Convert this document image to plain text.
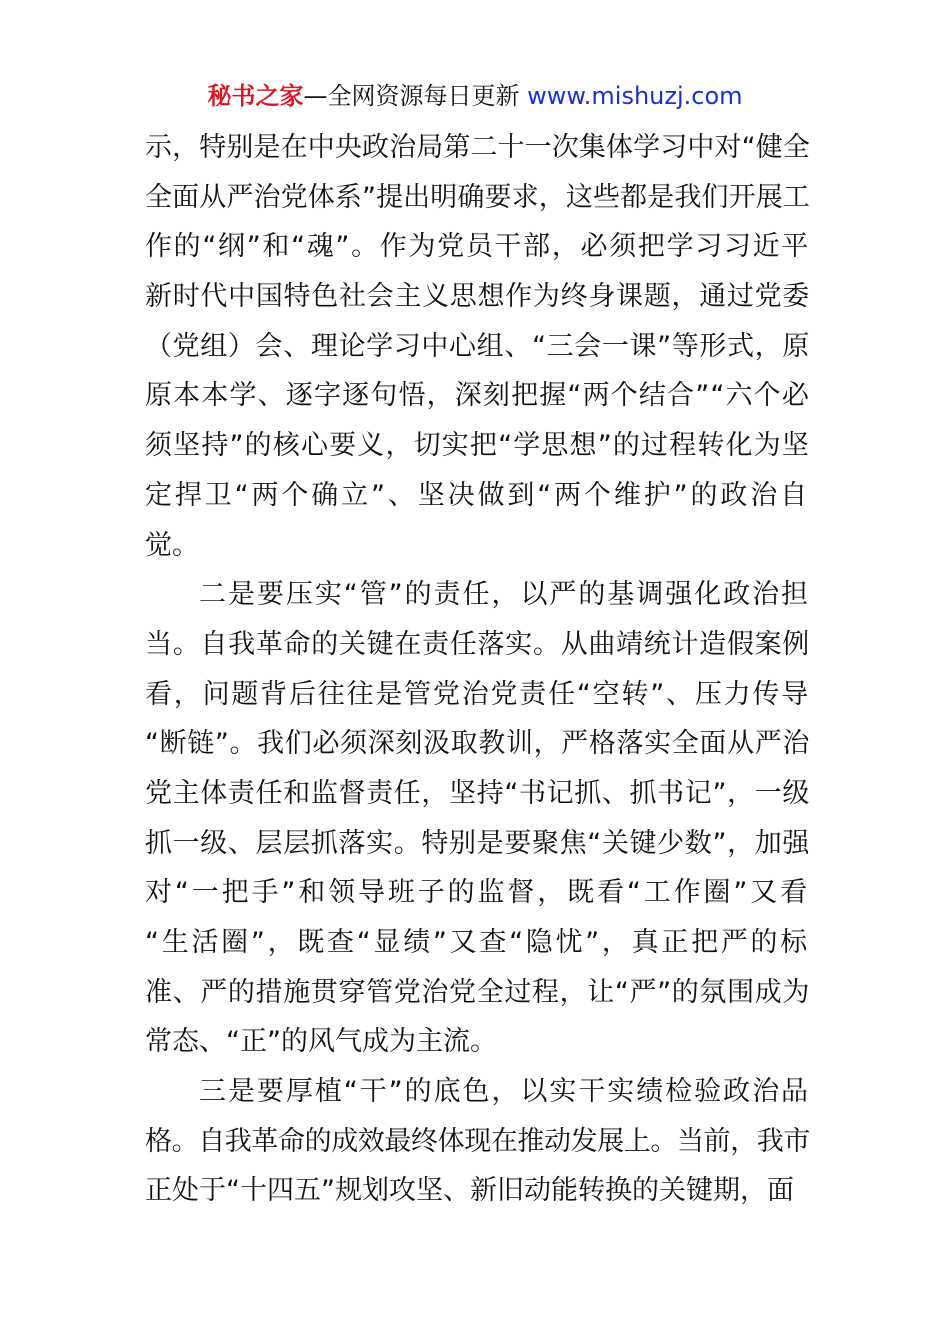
秘书之家—全网资源每日更新 www.mishuzj.com
示，特别是在中央政治局第二十一次集体学习中对“健全
全面从严治党体系”提出明确要求，这些都是我们开展工
作的“纲”和“魂”。作为党员干部，必须把学习习近平
新时代中国特色社会主义思想作为终身课题，通过党委
（党组）会、理论学习中心组、“三会一课”等形式，原
原本本学、逐字逐句悟，深刻把握“两个结合”“六个必
须坚持”的核心要义，切实把“学思想”的过程转化为坚
定捍卫“两个确立”、坚决做到“两个维护”的政治自
觉。
二是要压实“管”的责任，以严的基调强化政治担
当。自我革命的关键在责任落实。从曲靖统计造假案例
看，问题背后往往是管党治党责任“空转”、压力传导
“断链”。我们必须深刻汲取教训，严格落实全面从严治
党主体责任和监督责任，坚持“书记抓、抓书记”，一级
抓一级、层层抓落实。特别是要聚焦“关键少数”，加强
对“一把手”和领导班子的监督，既看“工作圈”又看
“生活圈”，既查“显绩”又查“隐忧”，真正把严的标
准、严的措施贯穿管党治党全过程，让“严”的氛围成为
常态、“正”的风气成为主流。
三是要厚植“干”的底色，以实干实绩检验政治品
格。自我革命的成效最终体现在推动发展上。当前，我市
正处于“十四五”规划攻坚、新旧动能转换的关键期，面
